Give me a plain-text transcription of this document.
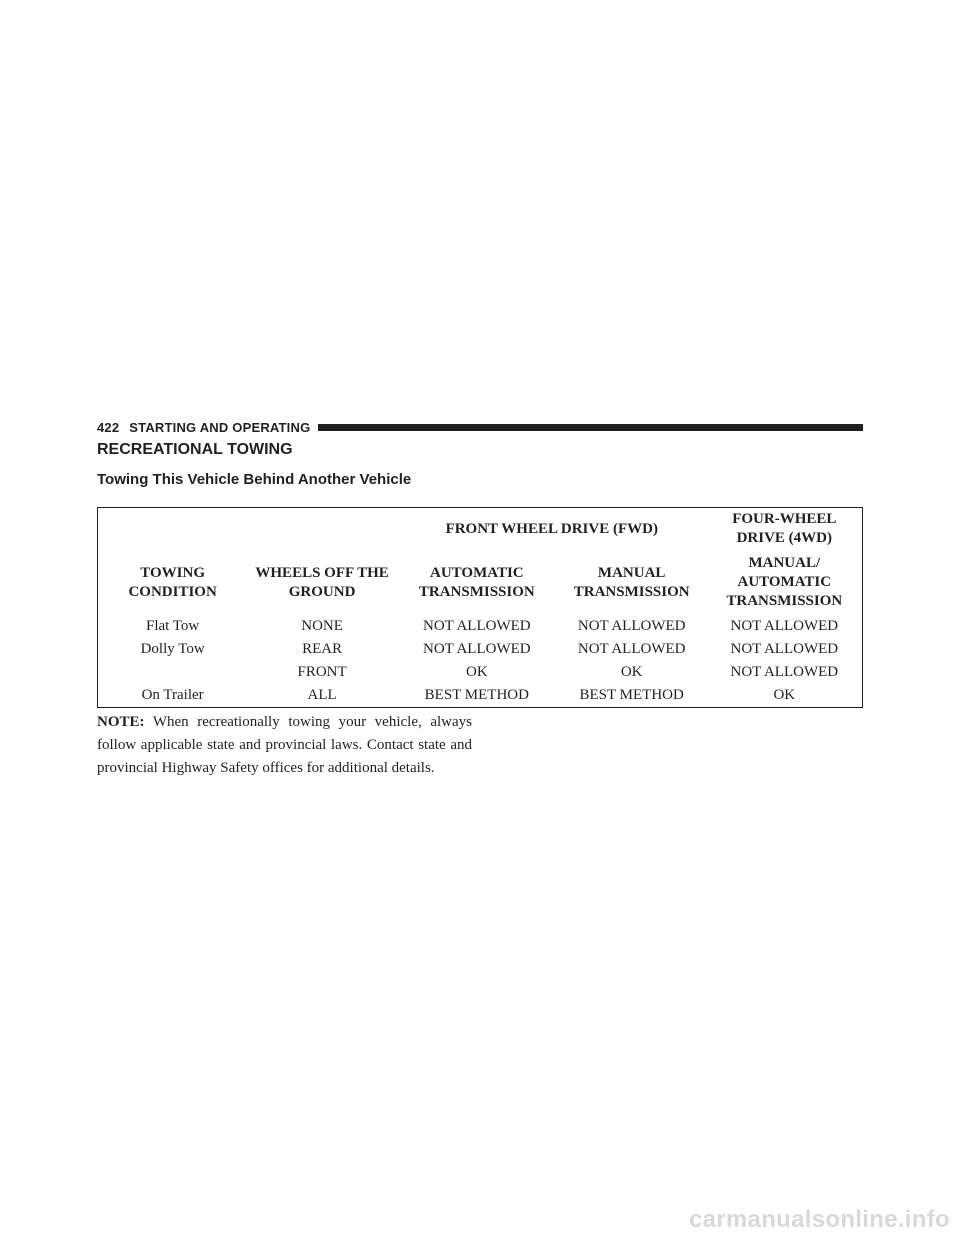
422 STARTING AND OPERATING
RECREATIONAL TOWING
Towing This Vehicle Behind Another Vehicle
		FRONT WHEEL DRIVE (FWD)		FOUR-WHEEL DRIVE (4WD)
TOWING CONDITION	WHEELS OFF THE GROUND	AUTOMATIC TRANSMISSION	MANUAL TRANSMISSION	MANUAL/ AUTOMATIC TRANSMISSION
Flat Tow	NONE	NOT ALLOWED	NOT ALLOWED	NOT ALLOWED
Dolly Tow	REAR	NOT ALLOWED	NOT ALLOWED	NOT ALLOWED
	FRONT	OK	OK	NOT ALLOWED
On Trailer	ALL	BEST METHOD	BEST METHOD	OK

NOTE: When recreationally towing your vehicle, always follow applicable state and provincial laws. Contact state and provincial Highway Safety offices for additional details.

carmanualsonline.info
